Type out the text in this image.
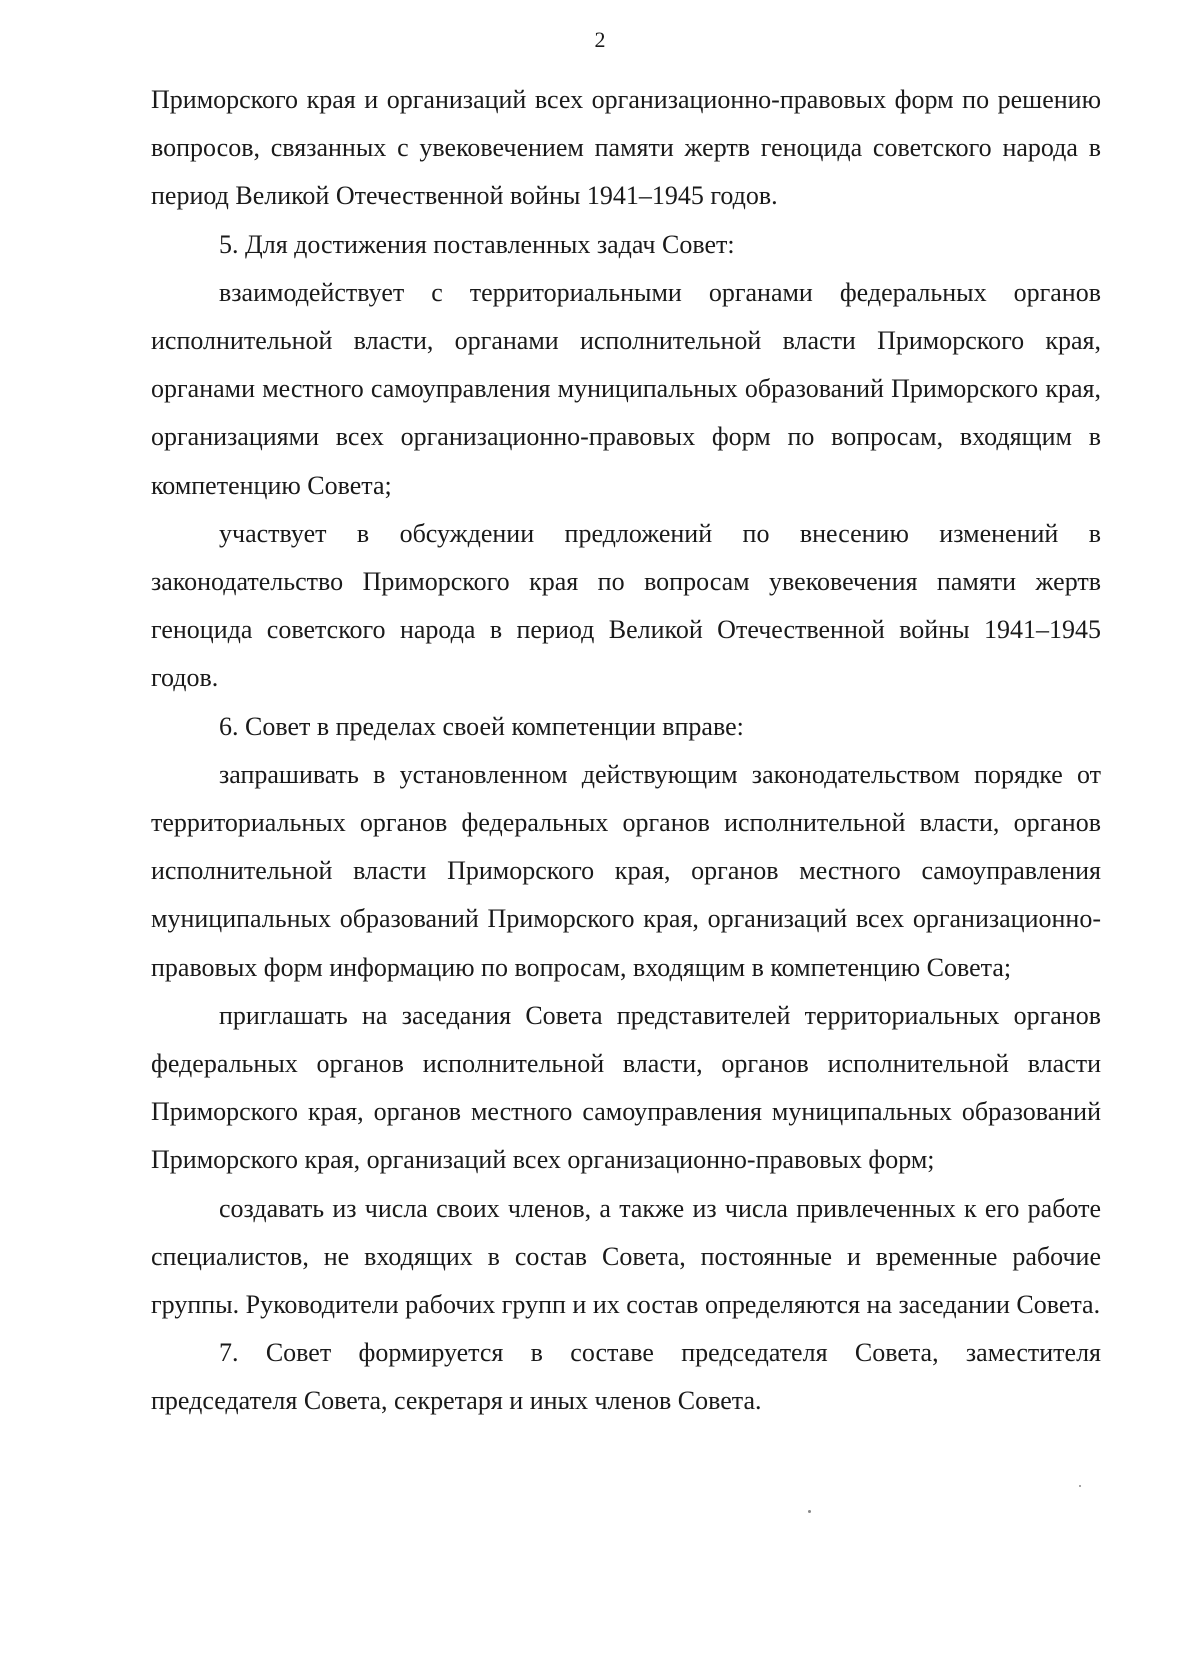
2

Приморского края и организаций всех организационно-правовых форм по решению вопросов, связанных с увековечением памяти жертв геноцида советского народа в период Великой Отечественной войны 1941–1945 годов.

5. Для достижения поставленных задач Совет:

взаимодействует с территориальными органами федеральных органов исполнительной власти, органами исполнительной власти Приморского края, органами местного самоуправления муниципальных образований Приморского края, организациями всех организационно-правовых форм по вопросам, входящим в компетенцию Совета;

участвует в обсуждении предложений по внесению изменений в законодательство Приморского края по вопросам увековечения памяти жертв геноцида советского народа в период Великой Отечественной войны 1941–1945 годов.

6. Совет в пределах своей компетенции вправе:

запрашивать в установленном действующим законодательством порядке от территориальных органов федеральных органов исполнительной власти, органов исполнительной власти Приморского края, органов местного самоуправления муниципальных образований Приморского края, организаций всех организационно-правовых форм информацию по вопросам, входящим в компетенцию Совета;

приглашать на заседания Совета представителей территориальных органов федеральных органов исполнительной власти, органов исполнительной власти Приморского края, органов местного самоуправления муниципальных образований Приморского края, организаций всех организационно-правовых форм;

создавать из числа своих членов, а также из числа привлеченных к его работе специалистов, не входящих в состав Совета, постоянные и временные рабочие группы. Руководители рабочих групп и их состав определяются на заседании Совета.

7. Совет формируется в составе председателя Совета, заместителя председателя Совета, секретаря и иных членов Совета.
